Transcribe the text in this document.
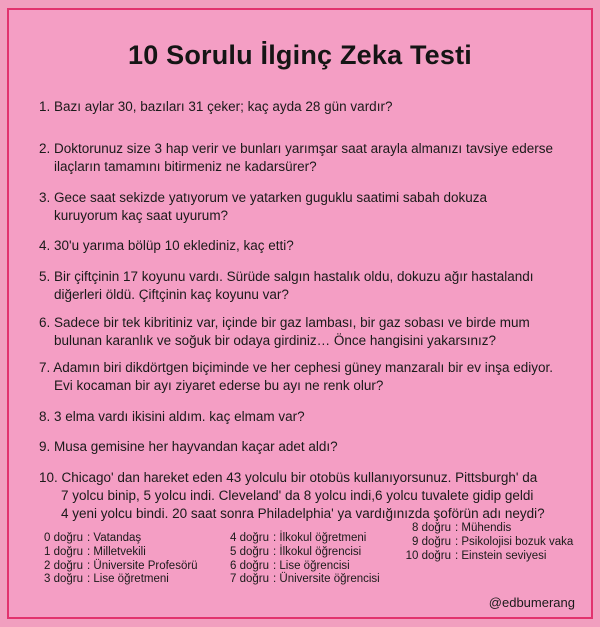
10 Sorulu İlginç Zeka Testi
1. Bazı aylar 30, bazıları 31 çeker; kaç ayda 28 gün vardır?
2. Doktorunuz size 3 hap verir ve bunları yarımşar saat arayla almanızı tavsiye ederse
ilaçların tamamını bitirmeniz ne kadarsürer?
3. Gece saat sekizde yatıyorum ve yatarken guguklu saatimi sabah dokuza
kuruyorum kaç saat uyurum?
4. 30'u yarıma bölüp 10 eklediniz, kaç etti?
5. Bir çiftçinin 17 koyunu vardı. Sürüde salgın hastalık oldu, dokuzu ağır hastalandı
diğerleri öldü. Çiftçinin kaç koyunu var?
6. Sadece bir tek kibritiniz var, içinde bir gaz lambası, bir gaz sobası ve birde mum
bulunan karanlık ve soğuk bir odaya girdiniz… Önce hangisini yakarsınız?
7. Adamın biri dikdörtgen biçiminde ve her cephesi güney manzaralı bir ev inşa ediyor.
Evi kocaman bir ayı ziyaret ederse bu ayı ne renk olur?
8. 3 elma vardı ikisini aldım. kaç elmam var?
9. Musa gemisine her hayvandan kaçar adet aldı?
10. Chicago' dan hareket eden 43 yolculu bir otobüs kullanıyorsunuz. Pittsburgh' da
7 yolcu binip, 5 yolcu indi. Cleveland' da 8 yolcu indi,6 yolcu tuvalete gidip geldi
4 yeni yolcu bindi. 20 saat sonra Philadelphia' ya vardığınızda şoförün adı neydi?
0 doğru : Vatandaş
1 doğru : Milletvekili
2 doğru : Üniversite Profesörü
3 doğru : Lise öğretmeni
4 doğru : İlkokul öğretmeni
5 doğru : İlkokul öğrencisi
6 doğru : Lise öğrencisi
7 doğru : Üniversite öğrencisi
8 doğru : Mühendis
9 doğru : Psikolojisi bozuk vaka
10 doğru : Einstein seviyesi
@edbumerang
